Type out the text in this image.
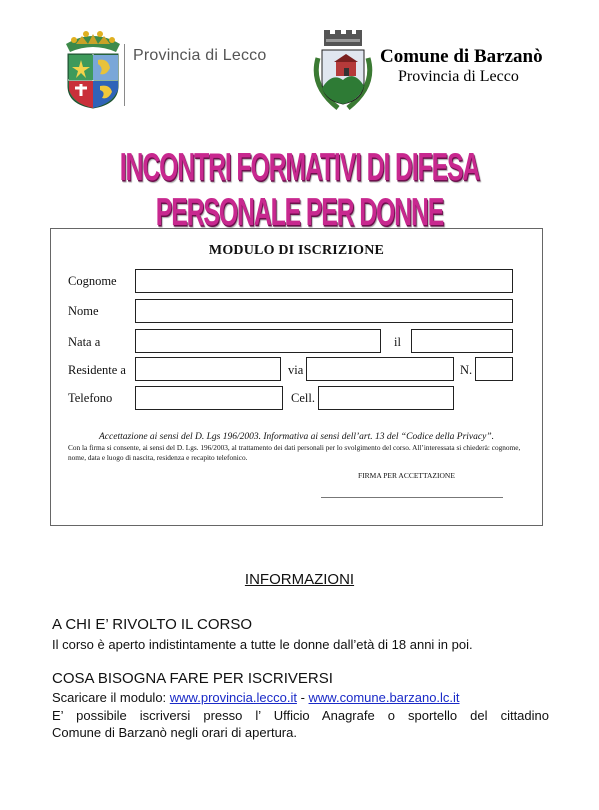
Provincia di Lecco	Comune di Barzanò
Provincia di Lecco
INCONTRI FORMATIVI DI DIFESA PERSONALE PER DONNE
MODULO DI ISCRIZIONE
Cognome
Nome
Nata a	il
Residente a	via	N.
Telefono	Cell.
Accettazione ai sensi del D. Lgs 196/2003. Informativa ai sensi dell’art. 13 del “Codice della Privacy”.
Con la firma si consente, ai sensi del D. Lgs. 196/2003, al trattamento dei dati personali per lo svolgimento del corso. All’interessata si chiederà: cognome, nome, data e luogo di nascita, residenza e recapito telefonico.
FIRMA PER ACCETTAZIONE
INFORMAZIONI
A CHI E’ RIVOLTO IL CORSO
Il corso è aperto indistintamente a tutte le donne dall’età di 18 anni in poi.
COSA BISOGNA FARE PER ISCRIVERSI
Scaricare il modulo: www.provincia.lecco.it - www.comune.barzano.lc.it
E’ possibile iscriversi presso l’ Ufficio Anagrafe o sportello del cittadino
Comune di Barzanò negli orari di apertura.
